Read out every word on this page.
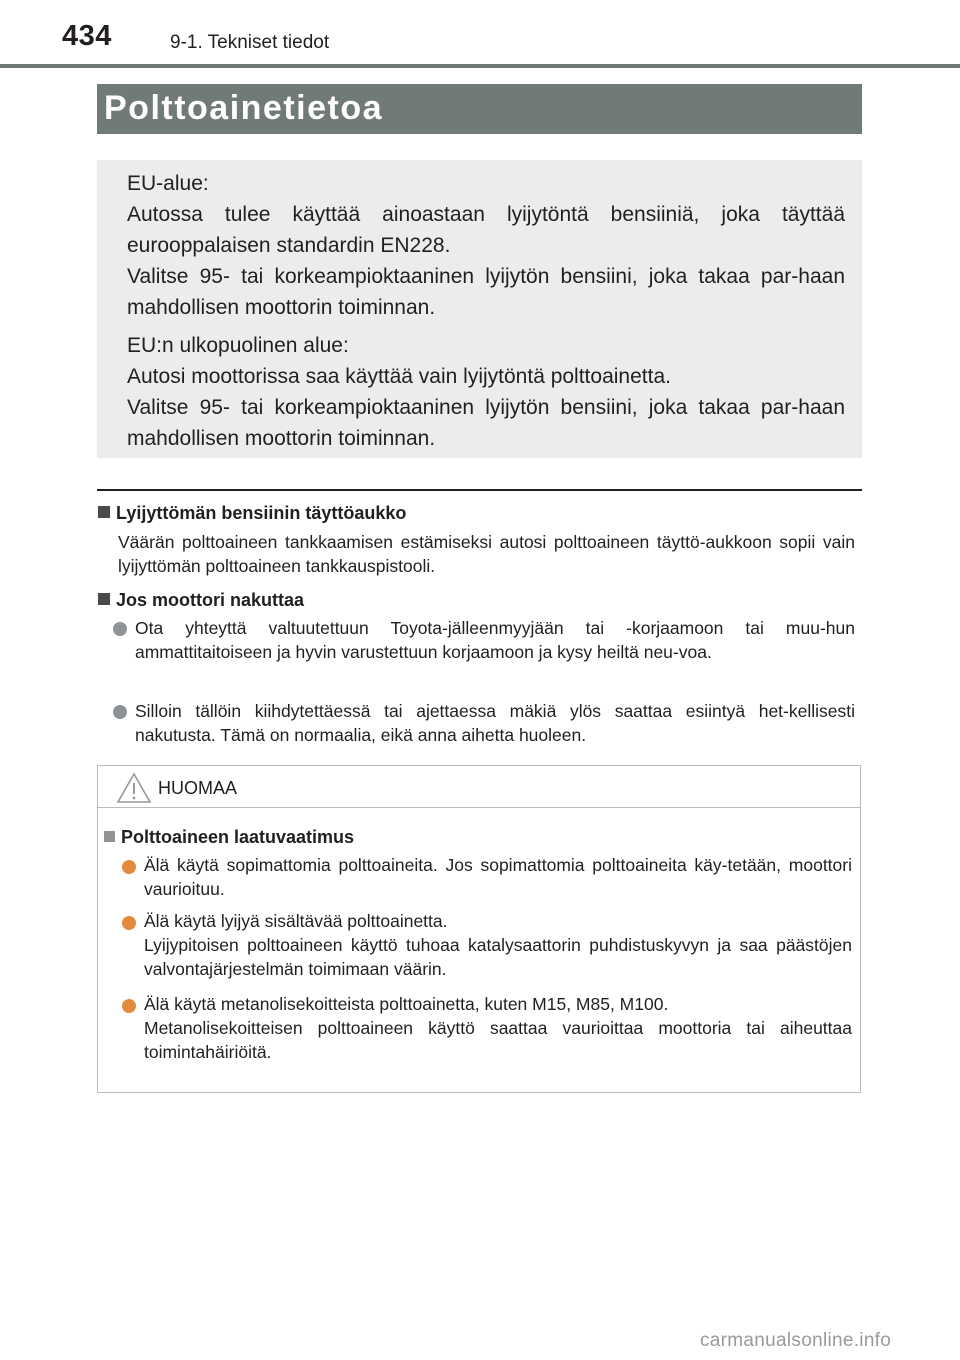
434	9-1. Tekniset tiedot
Polttoainetietoa

EU-alue:

Autossa tulee käyttää ainoastaan lyijytöntä bensiiniä, joka täyttää eurooppalaisen standardin EN228.

Valitse 95- tai korkeampioktaaninen lyijytön bensiini, joka takaa par-haan mahdollisen moottorin toiminnan.

EU:n ulkopuolinen alue:

Autosi moottorissa saa käyttää vain lyijytöntä polttoainetta.

Valitse 95- tai korkeampioktaaninen lyijytön bensiini, joka takaa par-haan mahdollisen moottorin toiminnan.

Lyijyttömän bensiinin täyttöaukko

Väärän polttoaineen tankkaamisen estämiseksi autosi polttoaineen täyttö-aukkoon sopii vain lyijyttömän polttoaineen tankkauspistooli.

Jos moottori nakuttaa

Ota yhteyttä valtuutettuun Toyota-jälleenmyyjään tai -korjaamoon tai muu-hun ammattitaitoiseen ja hyvin varustettuun korjaamoon ja kysy heiltä neu-voa.

Silloin tällöin kiihdytettäessä tai ajettaessa mäkiä ylös saattaa esiintyä het-kellisesti nakutusta. Tämä on normaalia, eikä anna aihetta huoleen.

HUOMAA
Polttoaineen laatuvaatimus

Älä käytä sopimattomia polttoaineita. Jos sopimattomia polttoaineita käy-tetään, moottori vaurioituu.

Älä käytä lyijyä sisältävää polttoainetta.

Lyijypitoisen polttoaineen käyttö tuhoaa katalysaattorin puhdistuskyvyn ja saa päästöjen valvontajärjestelmän toimimaan väärin.

Älä käytä metanolisekoitteista polttoainetta, kuten M15, M85, M100.

Metanolisekoitteisen polttoaineen käyttö saattaa vaurioittaa moottoria tai aiheuttaa toimintahäiriöitä.

carmanualsonline.info
